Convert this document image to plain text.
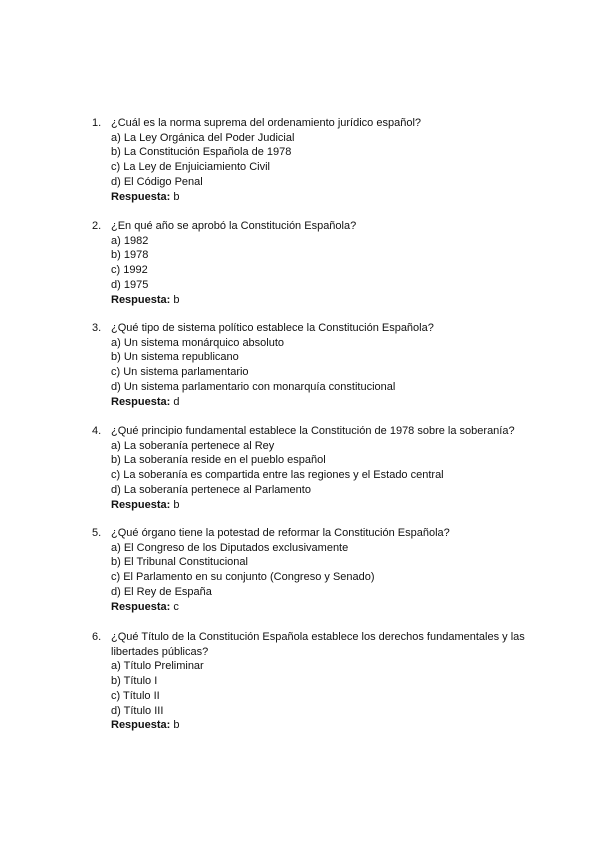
1. ¿Cuál es la norma suprema del ordenamiento jurídico español?
a) La Ley Orgánica del Poder Judicial
b) La Constitución Española de 1978
c) La Ley de Enjuiciamiento Civil
d) El Código Penal
Respuesta: b
2. ¿En qué año se aprobó la Constitución Española?
a) 1982
b) 1978
c) 1992
d) 1975
Respuesta: b
3. ¿Qué tipo de sistema político establece la Constitución Española?
a) Un sistema monárquico absoluto
b) Un sistema republicano
c) Un sistema parlamentario
d) Un sistema parlamentario con monarquía constitucional
Respuesta: d
4. ¿Qué principio fundamental establece la Constitución de 1978 sobre la soberanía?
a) La soberanía pertenece al Rey
b) La soberanía reside en el pueblo español
c) La soberanía es compartida entre las regiones y el Estado central
d) La soberanía pertenece al Parlamento
Respuesta: b
5. ¿Qué órgano tiene la potestad de reformar la Constitución Española?
a) El Congreso de los Diputados exclusivamente
b) El Tribunal Constitucional
c) El Parlamento en su conjunto (Congreso y Senado)
d) El Rey de España
Respuesta: c
6. ¿Qué Título de la Constitución Española establece los derechos fundamentales y las libertades públicas?
a) Título Preliminar
b) Título I
c) Título II
d) Título III
Respuesta: b
